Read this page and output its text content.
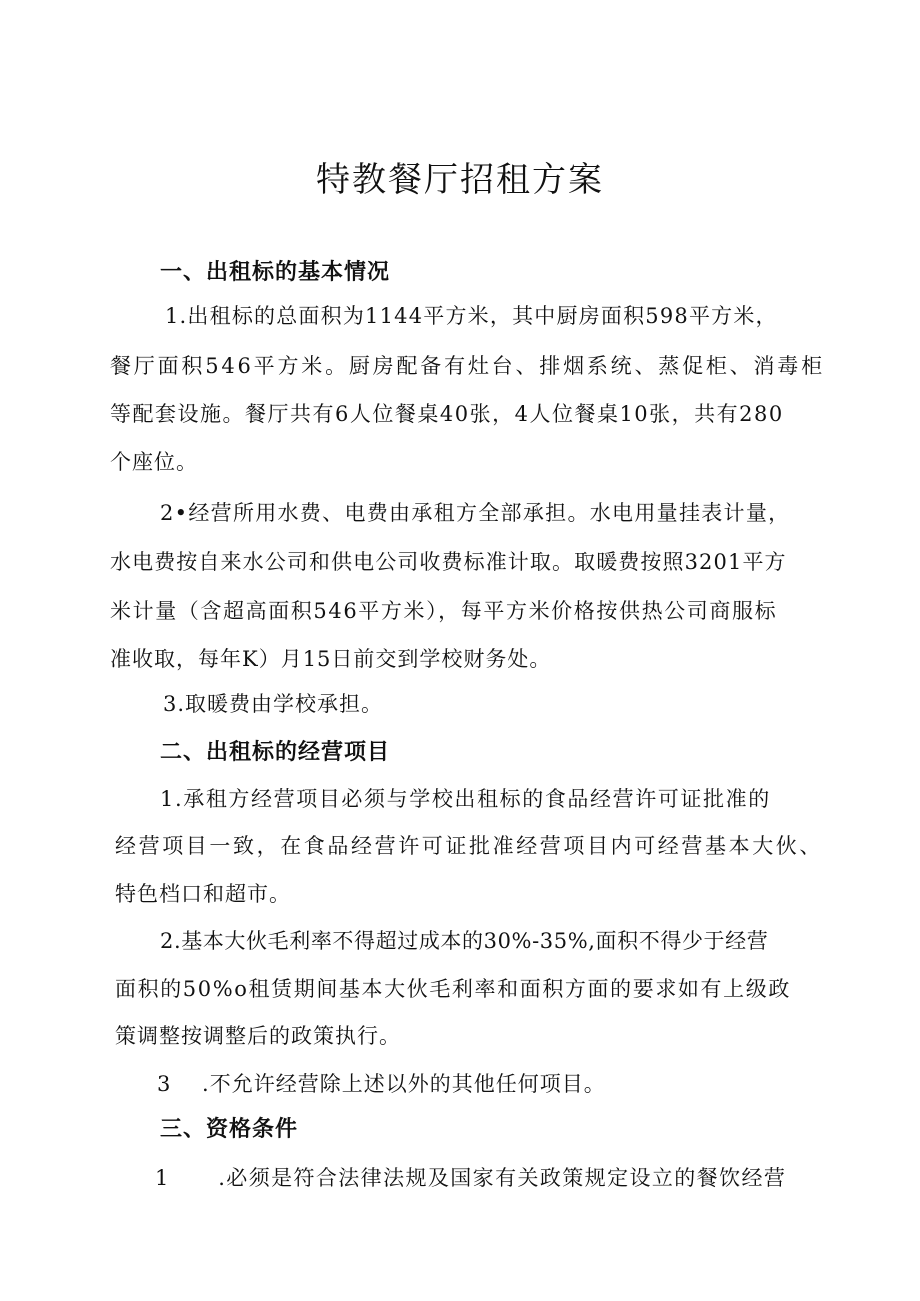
特教餐厅招租方案
一、出租标的基本情况

1.出租标的总面积为1144平方米，其中厨房面积598平方米，

餐厅面积546平方米。厨房配备有灶台、排烟系统、蒸促柜、消毒柜

等配套设施。餐厅共有6人位餐桌40张，4人位餐桌10张，共有280

个座位。

2•经营所用水费、电费由承租方全部承担。水电用量挂表计量，

水电费按自来水公司和供电公司收费标准计取。取暖费按照3201平方

米计量（含超高面积546平方米），每平方米价格按供热公司商服标

准收取，每年K）月15日前交到学校财务处。

3.取暖费由学校承担。

二、出租标的经营项目

1.承租方经营项目必须与学校出租标的食品经营许可证批准的

经营项目一致，在食品经营许可证批准经营项目内可经营基本大伙、

特色档口和超市。

2.基本大伙毛利率不得超过成本的30%-35%,面积不得少于经营

面积的50%o租赁期间基本大伙毛利率和面积方面的要求如有上级政

策调整按调整后的政策执行。

3    .不允许经营除上述以外的其他任何项目。

三、资格条件

1      .必须是符合法律法规及国家有关政策规定设立的餐饮经营
